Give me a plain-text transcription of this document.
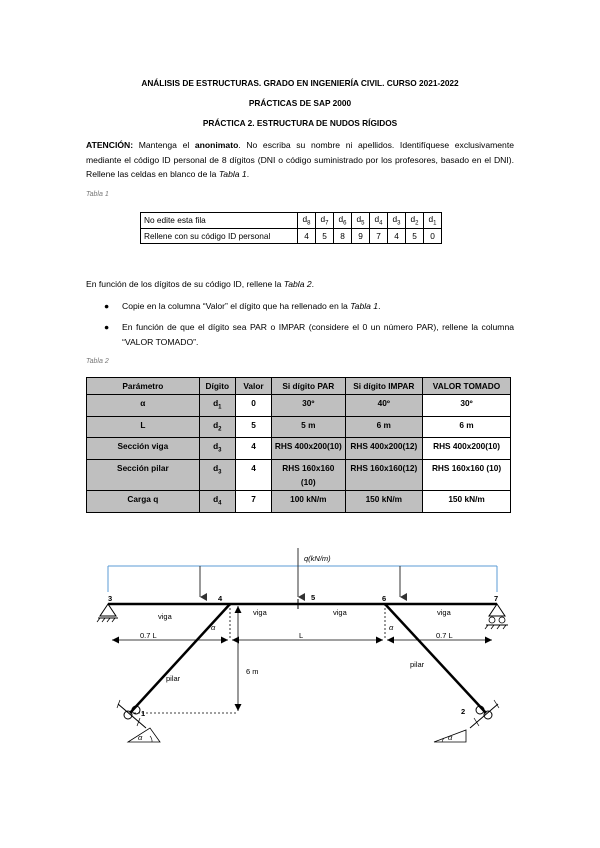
ANÁLISIS DE ESTRUCTURAS. GRADO EN INGENIERÍA CIVIL. CURSO 2021-2022
PRÁCTICAS DE SAP 2000
PRÁCTICA 2. ESTRUCTURA DE NUDOS RÍGIDOS
ATENCIÓN: Mantenga el anonimato. No escriba su nombre ni apellidos. Identifíquese exclusivamente mediante el código ID personal de 8 dígitos (DNI o código suministrado por los profesores, basado en el DNI). Rellene las celdas en blanco de la Tabla 1.
Tabla 1
No edite esta fila	$d_8$	$d_7$	$d_6$	$d_5$	$d_4$	$d_3$	$d_2$	$d_1$
Rellene con su código ID personal	4	5	8	9	7	4	5	0
En función de los dígitos de su código ID, rellene la Tabla 2.
● Copie en la columna “Valor” el dígito que ha rellenado en la Tabla 1.
● En función de que el dígito sea PAR o IMPAR (considere el 0 un número PAR), rellene la columna “VALOR TOMADO”.
Tabla 2
Parámetro	Dígito	Valor	Si dígito PAR	Si dígito IMPAR	VALOR TOMADO
α	$d_1$	0	30º	40º	30º
L	$d_2$	5	5 m	6 m	6 m
Sección viga	$d_3$	4	RHS 400x200(10)	RHS 400x200(12)	RHS 400x200(10)
Sección pilar	$d_3$	4	RHS 160x160 (10)	RHS 160x160(12)	RHS 160x160 (10)
Carga q	$d_4$	7	100 kN/m	150 kN/m	150 kN/m
q(kN/m)
3	4	5	6	7
1	2
viga	viga	viga	viga
pilar
pilar
0.7 L	L	0.7 L
6 m
α	α
α	α
